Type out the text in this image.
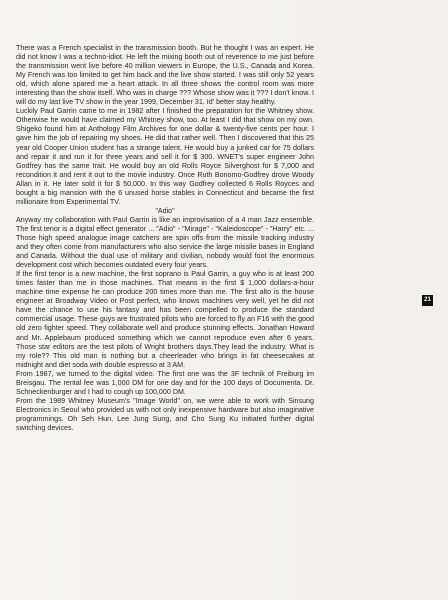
There was a French specialist in the transmission booth. But he thought I was an expert. He did not know I was a techno-idiot. He left the mixing booth out of reverence to me just before the transmission went live before 40 million viewers in Europe, the U.S., Canada and Korea. My French was too limited to get him back and the live show started. I was still only 52 years old, which alone spared me a heart attack. In all three shows the control room was more interesting than the show itself. Who was in charge ??? Whose show was it ??? I don't know. I will do my last live TV show in the year 1999, December 31. Id' better stay healthy.

Luckily Paul Garrin came to me in 1982 after I finished the preparation for the Whitney show. Otherwise he would have claimed my Whitney show, too. At least I did that show on my own. Shigeko found him at Anthology Film Archives for one dollar & twenty-five cents per hour. I gave him the job of repairing my shoes. He did that rather well. Then I discovered that this 25 year old Cooper Union student has a strange talent. He would buy a junked car for 75 dollars and repair it and run it for three years and sell it for $ 300. WNET's super engineer John Godfrey has the same trait. He would buy an old Rolls Royce Silverghost for $ 7,000 and recondition it and rent it out to the movie industry. Once Ruth Bonomo-Godfrey drove Woody Allan in it. He later sold it for $ 50,000. In this way Godfrey collected 6 Rolls Royces and bought a big mansion with the 6 unused horse stables in Connecticut and became the first millionaire from Experimental TV.

"Adio"

Anyway my collaboration with Paul Garrin is like an improvisation of a 4 man Jazz ensemble. The first tenor is a digital effect generator ... "Adio" - "Mirage" - "Kaleidoscope" - "Harry" etc. ... Those high speed analogue image catchers are spin offs from the missile tracking industry and they often come from manufacturers who also service the large missile bases in England and Canada. Without the dual use of military and civilian, nobody would foot the enormous development cost which becomes outdated every four years.

If the first tenor is a new machine, the first soprano is Paul Garrin, a guy who is at least 200 times faster than me in those machines. That means in the first $ 1,000 dollars-a-hour machine time expense he can produce 200 times more than me. The first alto is the house engineer at Broadway Video or Post perfect, who knows machines very well, yet he did not have the chance to use his fantasy and has been compelled to produce the standard commercial usage. These guys are frustrated pilots who are forced to fly an F16 with the good old zero fighter speed. They collaborate well and produce stunning effects. Jonathan Howard and Mr. Applebaum produced something which we cannot reproduce even after 6 years. Those star editors are the test pilots of Wright brothers days.They lead the industry. What is my role?? This old man is nothing but a cheerleader who brings in fat cheesecakes at midnight and diet soda with double espresso at 3 AM.

From 1987, we turned to the digital video. The first one was the 3F technik of Freiburg im Breisgau. The rental fee was 1,000 DM for one day and for the 100 days of Documenta. Dr. Schneckenburger and I had to cough up 100,000 DM.

From the 1989 Whitney Museum's "Image World" on, we were able to work with Sinsung Electronics in Seoul who provided us with not only inexpensive hardware but also imaginative programmings. Oh Seh Hun, Lee Jung Sung, and Cho Sung Ku initiated further digital switching devices.

21
